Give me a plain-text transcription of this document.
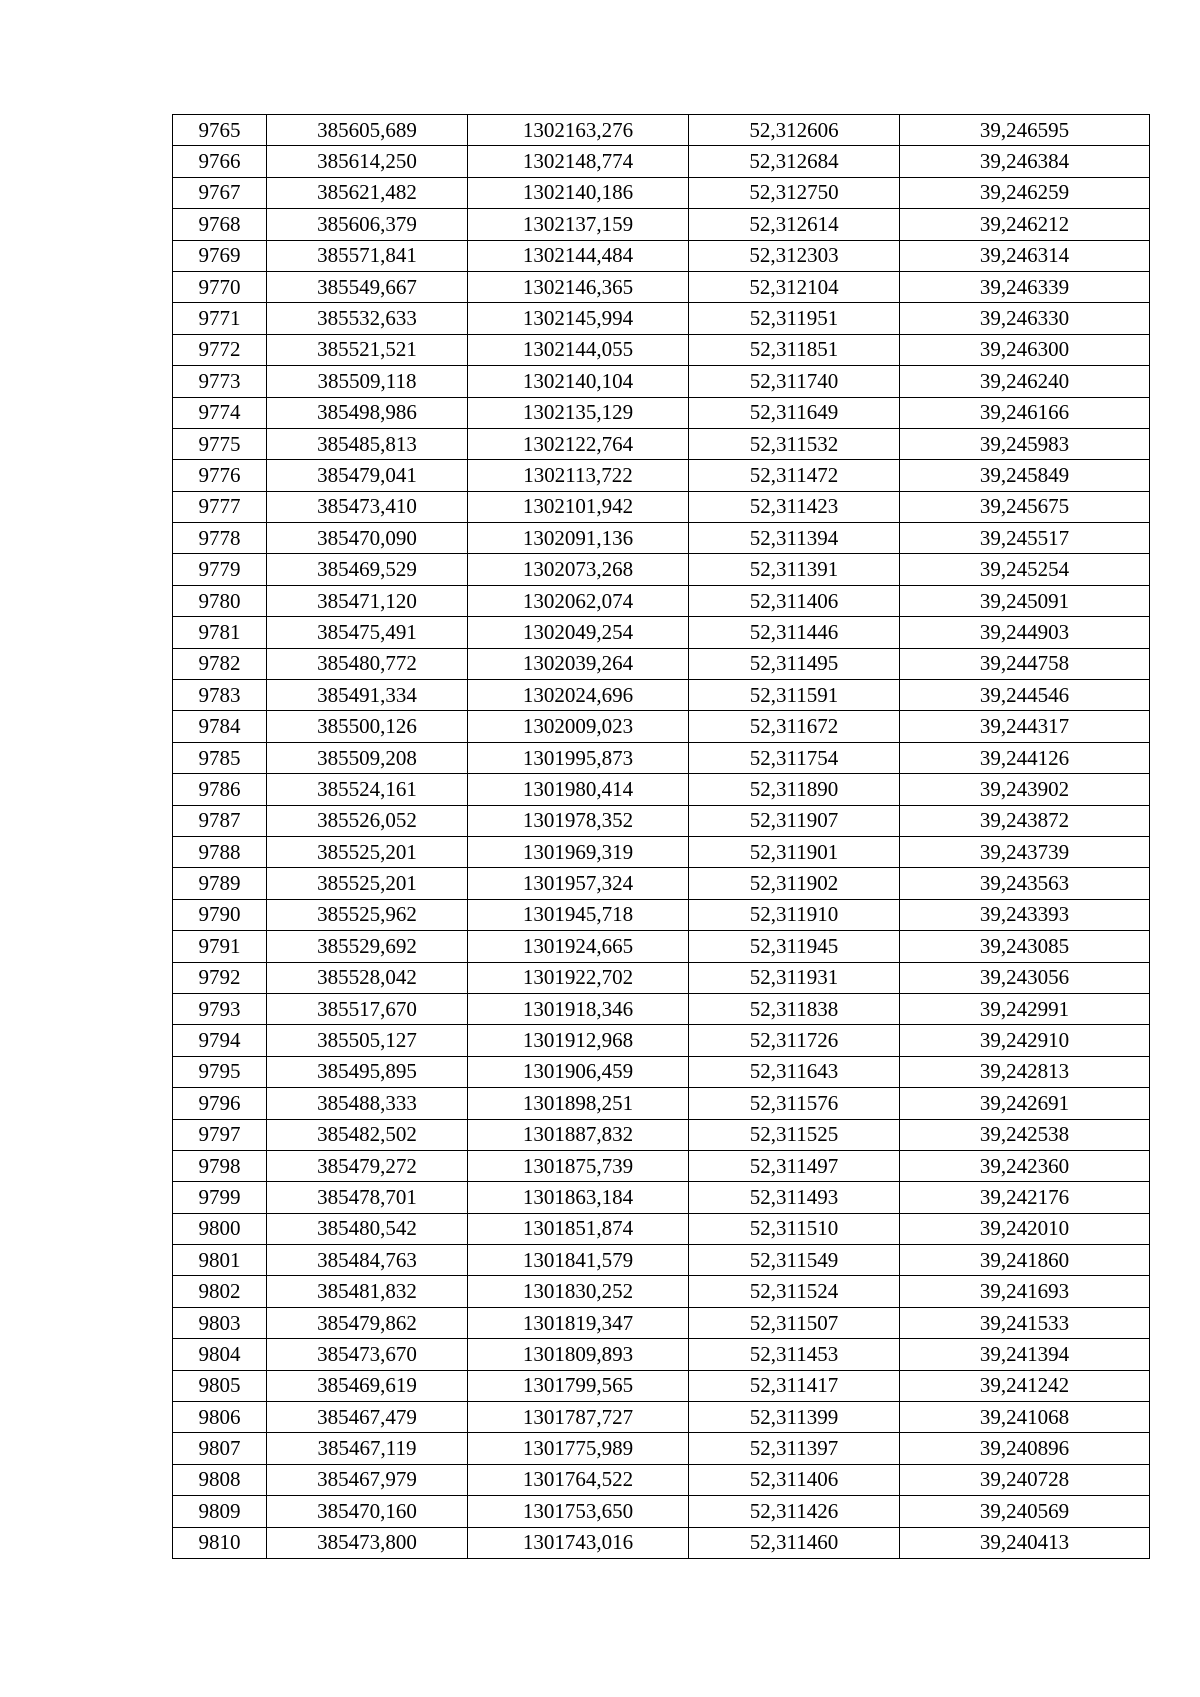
9765	385605,689	1302163,276	52,312606	39,246595
9766	385614,250	1302148,774	52,312684	39,246384
9767	385621,482	1302140,186	52,312750	39,246259
9768	385606,379	1302137,159	52,312614	39,246212
9769	385571,841	1302144,484	52,312303	39,246314
9770	385549,667	1302146,365	52,312104	39,246339
9771	385532,633	1302145,994	52,311951	39,246330
9772	385521,521	1302144,055	52,311851	39,246300
9773	385509,118	1302140,104	52,311740	39,246240
9774	385498,986	1302135,129	52,311649	39,246166
9775	385485,813	1302122,764	52,311532	39,245983
9776	385479,041	1302113,722	52,311472	39,245849
9777	385473,410	1302101,942	52,311423	39,245675
9778	385470,090	1302091,136	52,311394	39,245517
9779	385469,529	1302073,268	52,311391	39,245254
9780	385471,120	1302062,074	52,311406	39,245091
9781	385475,491	1302049,254	52,311446	39,244903
9782	385480,772	1302039,264	52,311495	39,244758
9783	385491,334	1302024,696	52,311591	39,244546
9784	385500,126	1302009,023	52,311672	39,244317
9785	385509,208	1301995,873	52,311754	39,244126
9786	385524,161	1301980,414	52,311890	39,243902
9787	385526,052	1301978,352	52,311907	39,243872
9788	385525,201	1301969,319	52,311901	39,243739
9789	385525,201	1301957,324	52,311902	39,243563
9790	385525,962	1301945,718	52,311910	39,243393
9791	385529,692	1301924,665	52,311945	39,243085
9792	385528,042	1301922,702	52,311931	39,243056
9793	385517,670	1301918,346	52,311838	39,242991
9794	385505,127	1301912,968	52,311726	39,242910
9795	385495,895	1301906,459	52,311643	39,242813
9796	385488,333	1301898,251	52,311576	39,242691
9797	385482,502	1301887,832	52,311525	39,242538
9798	385479,272	1301875,739	52,311497	39,242360
9799	385478,701	1301863,184	52,311493	39,242176
9800	385480,542	1301851,874	52,311510	39,242010
9801	385484,763	1301841,579	52,311549	39,241860
9802	385481,832	1301830,252	52,311524	39,241693
9803	385479,862	1301819,347	52,311507	39,241533
9804	385473,670	1301809,893	52,311453	39,241394
9805	385469,619	1301799,565	52,311417	39,241242
9806	385467,479	1301787,727	52,311399	39,241068
9807	385467,119	1301775,989	52,311397	39,240896
9808	385467,979	1301764,522	52,311406	39,240728
9809	385470,160	1301753,650	52,311426	39,240569
9810	385473,800	1301743,016	52,311460	39,240413
